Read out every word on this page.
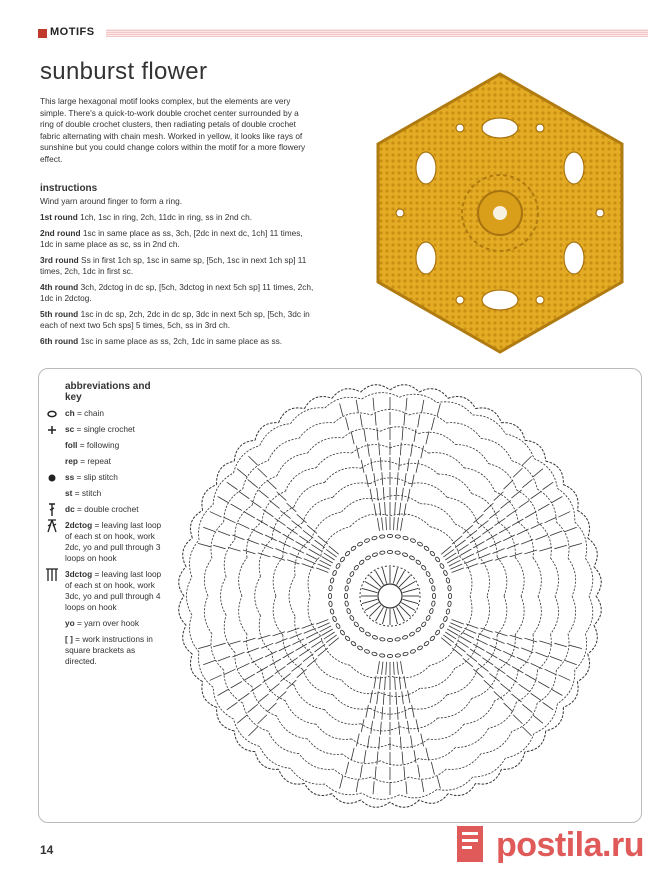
MOTIFS
sunburst flower

This large hexagonal motif looks complex, but the elements are very simple. There's a quick-to-work double crochet center surrounded by a ring of double crochet clusters, then radiating petals of double crochet fabric alternating with chain mesh. Worked in yellow, it looks like rays of sunshine but you could change colors within the motif for a more flowery effect.

instructions
Wind yarn around finger to form a ring.

1st round 1ch, 1sc in ring, 2ch, 11dc in ring, ss in 2nd ch.

2nd round 1sc in same place as ss, 3ch, [2dc in next dc, 1ch] 11 times, 1dc in same place as sc, ss in 2nd ch.

3rd round Ss in first 1ch sp, 1sc in same sp, [5ch, 1sc in next 1ch sp] 11 times, 2ch, 1dc in first sc.

4th round 3ch, 2dctog in dc sp, [5ch, 3dctog in next 5ch sp] 11 times, 2ch, 1dc in 2dctog.

5th round 1sc in dc sp, 2ch, 2dc in dc sp, 3dc in next 5ch sp, [5ch, 3dc in each of next two 5ch sps] 5 times, 5ch, ss in 3rd ch.

6th round 1sc in same place as ss, 2ch, 1dc in same place as ss.

abbreviations and key
ch = chain
sc = single crochet
foll = following
rep = repeat
ss = slip stitch
st = stitch
dc = double crochet
2dctog = leaving last loop of each st on hook, work 2dc, yo and pull through 3 loops on hook
3dctog = leaving last loop of each st on hook, work 3dc, yo and pull through 4 loops on hook
yo = yarn over hook
[ ] = work instructions in square brackets as directed.
14	postila.ru
